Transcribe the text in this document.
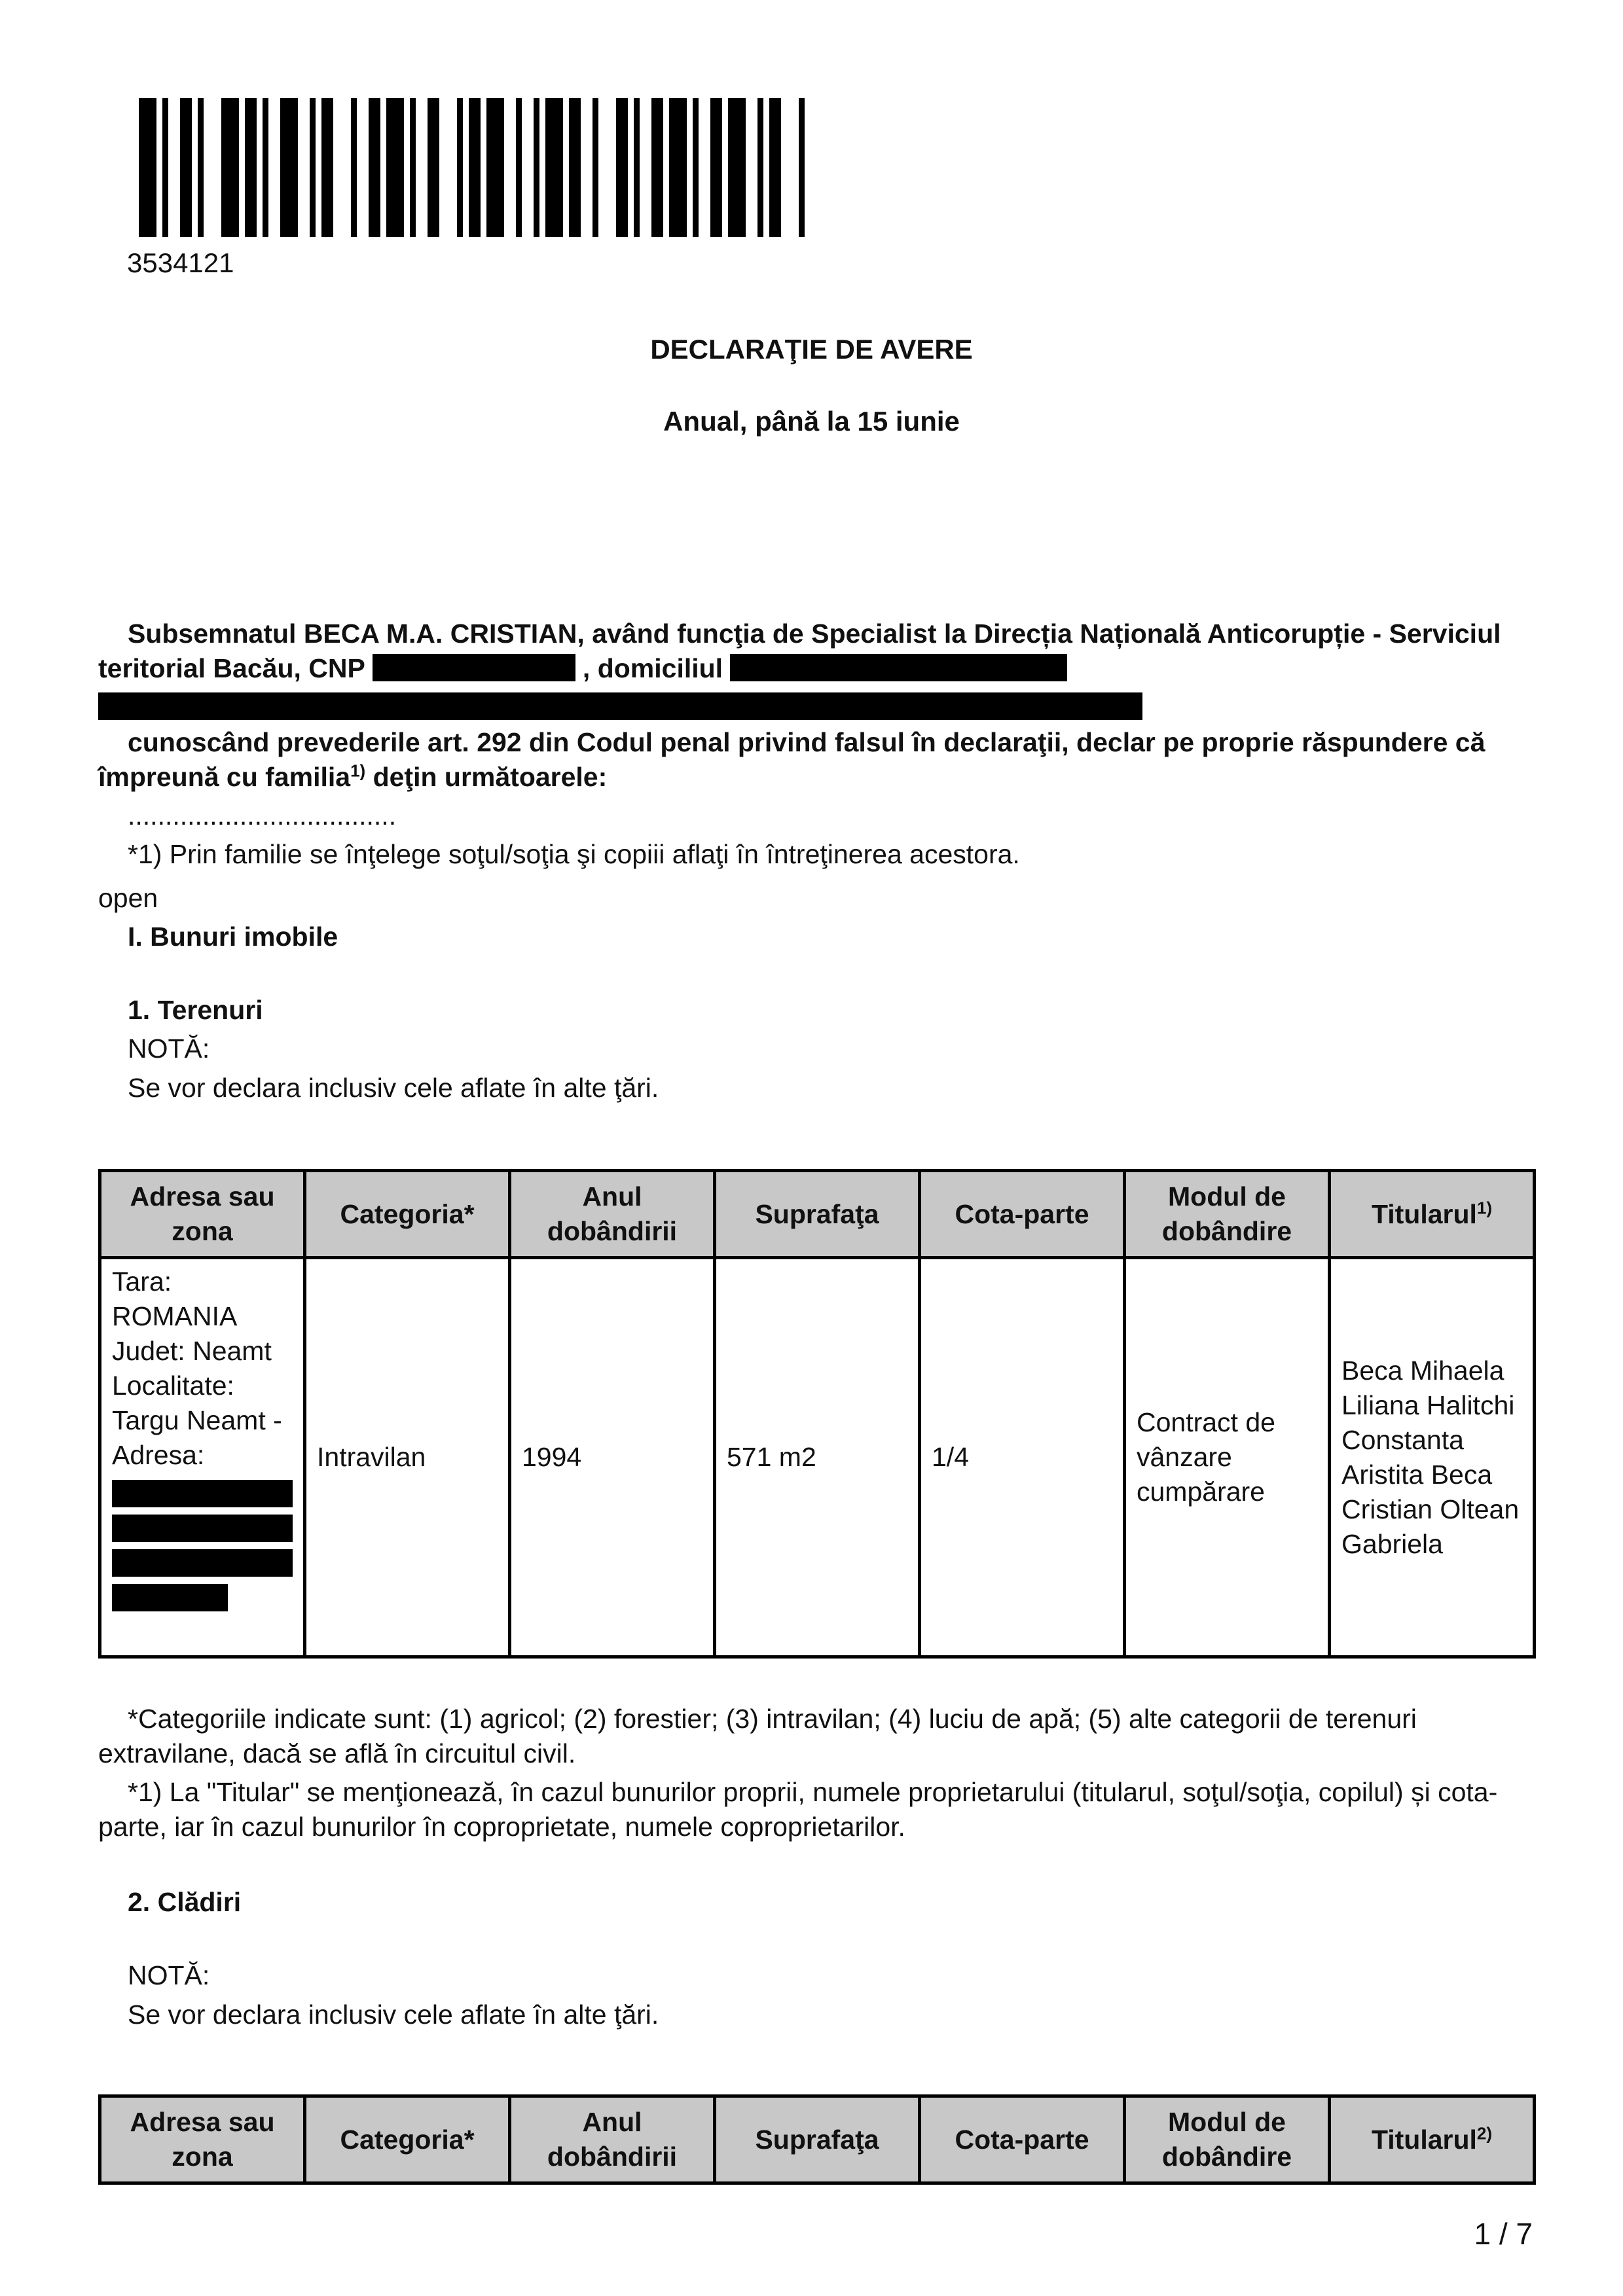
3534121
DECLARAŢIE DE AVERE
Anual, până la 15 iunie
Subsemnatul BECA M.A. CRISTIAN, având funcţia de Specialist la Direcția Națională Anticorupție - Serviciul teritorial Bacău, CNP	, domiciliul
cunoscând prevederile art. 292 din Codul penal privind falsul în declaraţii, declar pe proprie răspundere că împreună cu familia$^{1)}$ deţin următoarele:
....................................
*1) Prin familie se înţelege soţul/soţia şi copiii aflaţi în întreţinerea acestora.
open
I. Bunuri imobile
1. Terenuri
NOTĂ:
Se vor declara inclusiv cele aflate în alte ţări.
Adresa sau zona	Categoria*	Anul dobândirii	Suprafaţa	Cota-parte	Modul de dobândire	Titularul$^{1)}$
Tara: ROMANIA Judet: Neamt Localitate: Targu Neamt - Adresa:	Intravilan	1994	571 m2	1/4	Contract de vânzare cumpărare	Beca Mihaela Liliana Halitchi Constanta Aristita Beca Cristian Oltean Gabriela
*Categoriile indicate sunt: (1) agricol; (2) forestier; (3) intravilan; (4) luciu de apă; (5) alte categorii de terenuri extravilane, dacă se află în circuitul civil.
*1) La "Titular" se menţionează, în cazul bunurilor proprii, numele proprietarului (titularul, soţul/soţia, copilul) și cota-parte, iar în cazul bunurilor în coproprietate, numele coproprietarilor.
2. Clădiri
NOTĂ:
Se vor declara inclusiv cele aflate în alte ţări.
Adresa sau zona	Categoria*	Anul dobândirii	Suprafaţa	Cota-parte	Modul de dobândire	Titularul$^{2)}$
1 / 7
